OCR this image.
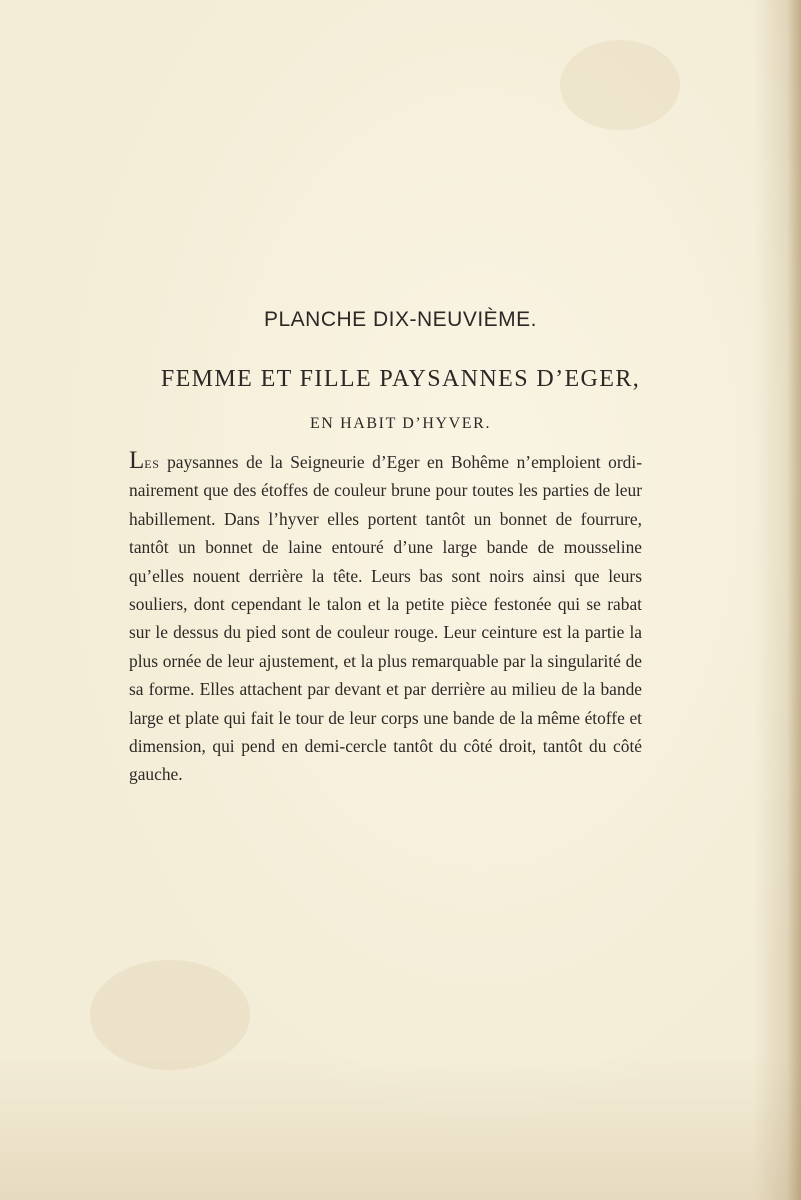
PLANCHE DIX-NEUVIÈME.
FEMME ET FILLE PAYSANNES D’EGER,
EN HABIT D’HYVER.

Les paysannes de la Seigneurie d’Eger en Bohême n’emploient ordinairement que des étoffes de couleur brune pour toutes les parties de leur habillement. Dans l’hyver elles portent tantôt un bonnet de fourrure, tantôt un bonnet de laine entouré d’une large bande de mousseline qu’elles nouent derrière la tête. Leurs bas sont noirs ainsi que leurs souliers, dont cependant le talon et la petite pièce festonée qui se rabat sur le dessus du pied sont de couleur rouge. Leur ceinture est la partie la plus ornée de leur ajustement, et la plus remarquable par la singularité de sa forme. Elles attachent par devant et par derrière au milieu de la bande large et plate qui fait le tour de leur corps une bande de la même étoffe et dimension, qui pend en demi-cercle tantôt du côté droit, tantôt du côté gauche.
